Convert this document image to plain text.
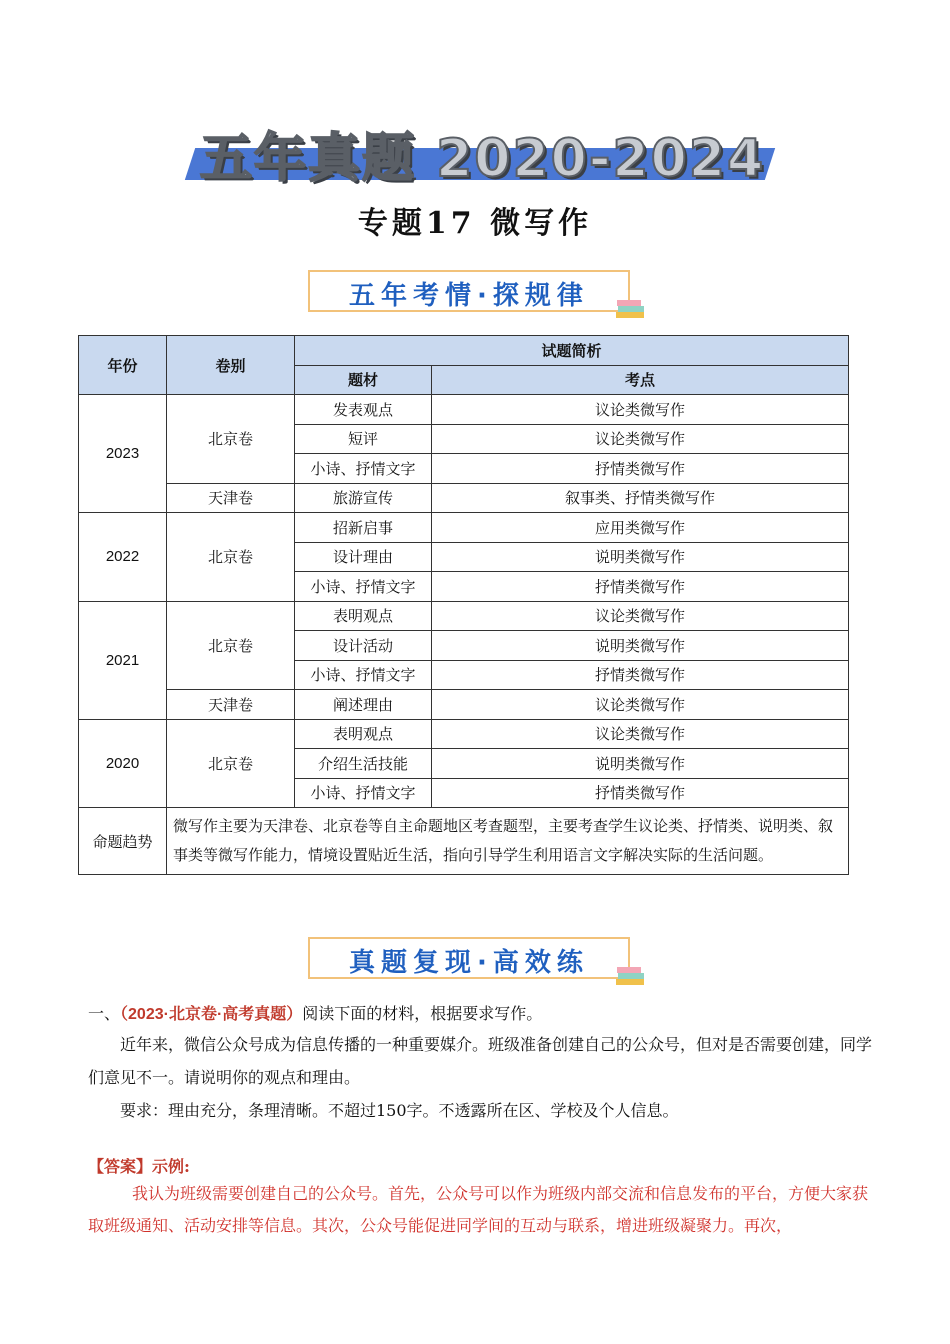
五年真题 2020-2024
专题17 微写作
五年考情·探规律
年份	卷别	试题简析	
		题材	考点
2023	北京卷	发表观点	议论类微写作
		短评	议论类微写作
		小诗、抒情文字	抒情类微写作
	天津卷	旅游宣传	叙事类、抒情类微写作
2022	北京卷	招新启事	应用类微写作
		设计理由	说明类微写作
		小诗、抒情文字	抒情类微写作
2021	北京卷	表明观点	议论类微写作
		设计活动	说明类微写作
		小诗、抒情文字	抒情类微写作
	天津卷	阐述理由	议论类微写作
2020	北京卷	表明观点	议论类微写作
		介绍生活技能	说明类微写作
		小诗、抒情文字	抒情类微写作
命题趋势	微写作主要为天津卷、北京卷等自主命题地区考查题型，主要考查学生议论类、抒情类、说明类、叙事类等微写作能力，情境设置贴近生活，指向引导学生利用语言文字解决实际的生活问题。		
真题复现·高效练
一、（2023·北京卷·高考真题）阅读下面的材料，根据要求写作。
近年来，微信公众号成为信息传播的一种重要媒介。班级准备创建自己的公众号，但对是否需要创建，同学们意见不一。请说明你的观点和理由。
要求：理由充分，条理清晰。不超过150字。不透露所在区、学校及个人信息。
【答案】示例:
我认为班级需要创建自己的公众号。首先，公众号可以作为班级内部交流和信息发布的平台，方便大家获取班级通知、活动安排等信息。其次，公众号能促进同学间的互动与联系，增进班级凝聚力。再次，
